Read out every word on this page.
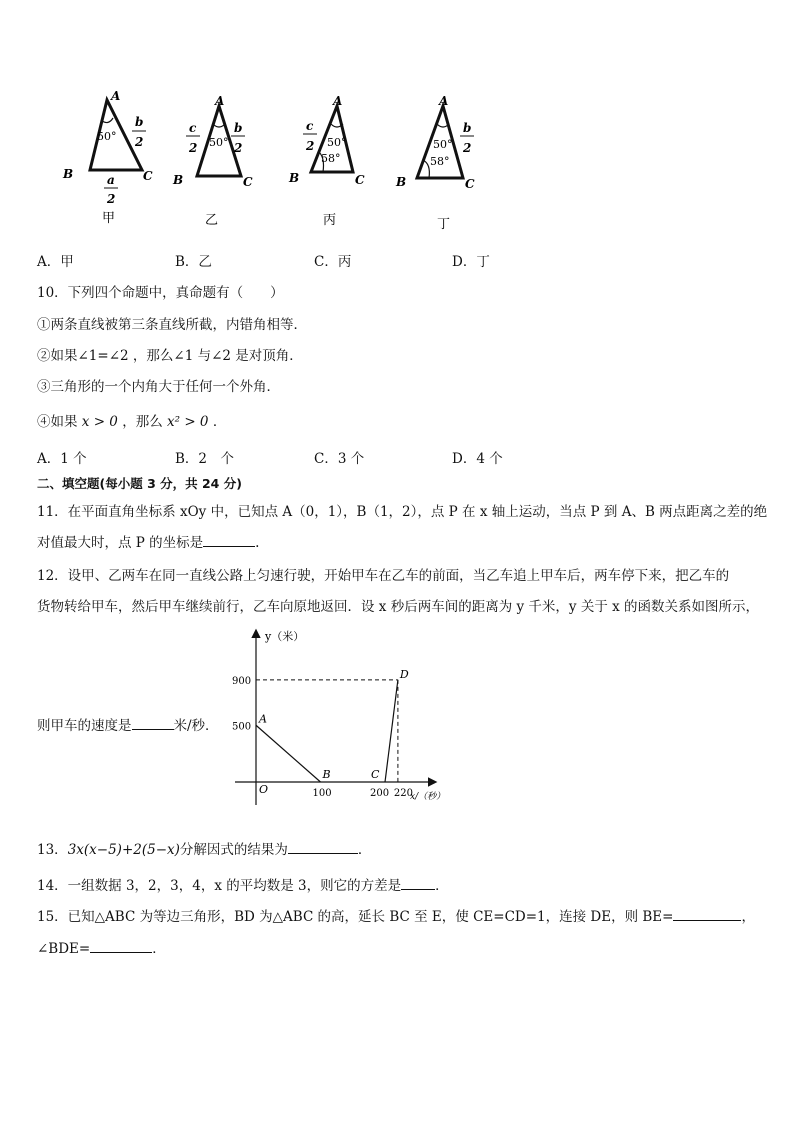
A
B	C
50°
b
2
a
2
甲
A
B	C
50°
c
2
b
2
乙
A
B	C
50°
58°
c
2
丙
A
B	C
50°
58°
b
2
丁
A．甲	B．乙	C．丙	D．丁
10．下列四个命题中，真命题有（　　）
①两条直线被第三条直线所截，内错角相等．
②如果∠1=∠2 ，那么∠1 与∠2 是对顶角．
③三角形的一个内角大于任何一个外角．
④如果 x > 0 ，那么 x² > 0 ．
A．1 个	B．2　个	C．3 个	D．4 个
二、填空题(每小题 3 分，共 24 分)
11．在平面直角坐标系 xOy 中，已知点 A（0，1），B（1，2），点 P 在 x 轴上运动，当点 P 到 A、B 两点距离之差的绝
对值最大时，点 P 的坐标是	.
12．设甲、乙两车在同一直线公路上匀速行驶，开始甲车在乙车的前面，当乙车追上甲车后，两车停下来，把乙车的
货物转给甲车，然后甲车继续前行，乙车向原地返回．设 x 秒后两车间的距离为 y 千米，y 关于 x 的函数关系如图所示，
则甲车的速度是	米/秒．
y（米）
x/（秒）
O
A
B	C
D
500
900
100	200 220
13．3x(x−5)+2(5−x)分解因式的结果为	．
14．一组数据 3，2，3，4，x 的平均数是 3，则它的方差是	．
15．已知△ABC 为等边三角形，BD 为△ABC 的高，延长 BC 至 E，使 CE=CD=1，连接 DE，则 BE=	，
∠BDE=	．
